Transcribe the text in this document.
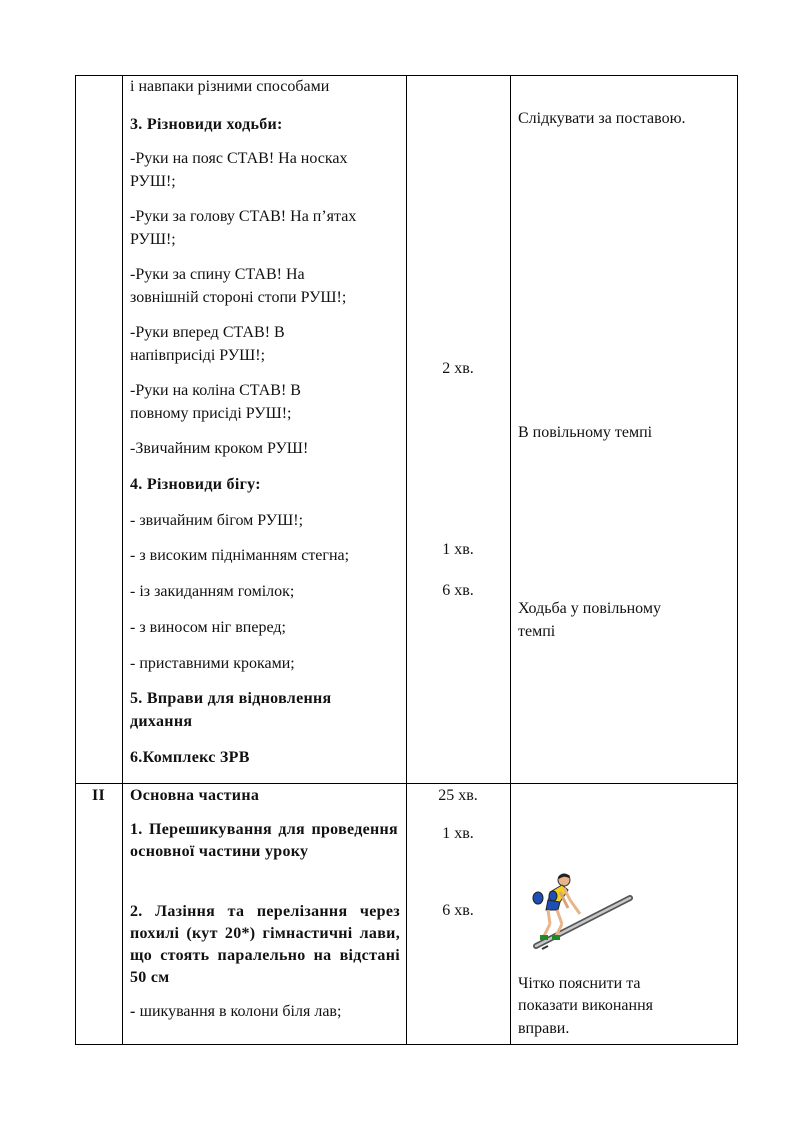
і навпаки різними способами
3. Різновиди ходьби:
-Руки на пояс СТАВ! На носках
РУШ!;
-Руки за голову СТАВ! На п’ятах
РУШ!;
-Руки за спину СТАВ! На
зовнішній стороні стопи РУШ!;
-Руки вперед СТАВ! В
напівприсіді РУШ!;
-Руки на коліна СТАВ! В
повному присіді РУШ!;
-Звичайним кроком РУШ!
4. Різновиди бігу:
- звичайним бігом РУШ!;
- з високим підніманням стегна;
- із закиданням гомілок;
- з виносом ніг вперед;
- приставними кроками;
5. Вправи для відновлення
дихання
6.Комплекс ЗРВ
2 хв.
1 хв.
6 хв.
Слідкувати за поставою.
В повільному темпі
Ходьба у повільному
темпі
II	Основна частина
1. Перешикування для проведення основної частини уроку
2. Лазіння та перелізання через похилі (кут 20*) гімнастичні лави, що стоять паралельно на відстані 50 см
- шикування в колони біля лав;
25 хв.
1 хв.
6 хв.
Чітко пояснити та
показати виконання
вправи.
